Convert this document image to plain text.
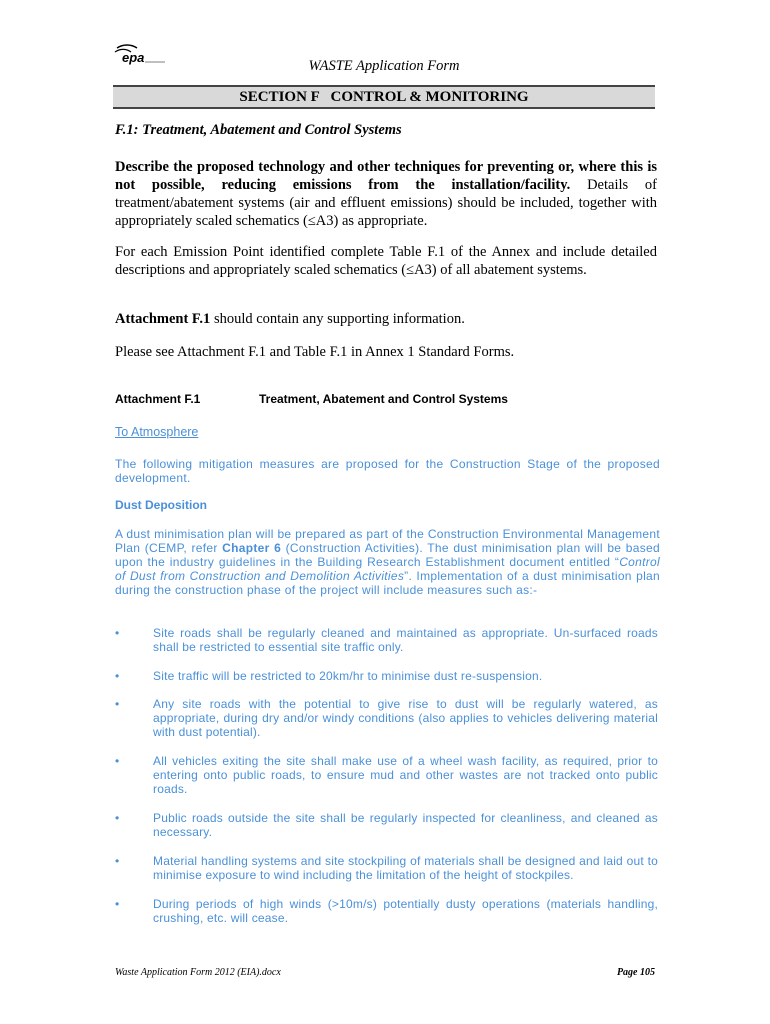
epa
WASTE Application Form
SECTION F   CONTROL & MONITORING
F.1: Treatment, Abatement and Control Systems
Describe the proposed technology and other techniques for preventing or, where this is not possible, reducing emissions from the installation/facility. Details of treatment/abatement systems (air and effluent emissions) should be included, together with appropriately scaled schematics (≤A3) as appropriate.
For each Emission Point identified complete Table F.1 of the Annex and include detailed descriptions and appropriately scaled schematics (≤A3) of all abatement systems.
Attachment F.1 should contain any supporting information.
Please see Attachment F.1 and Table F.1 in Annex 1 Standard Forms.
Attachment F.1	Treatment, Abatement and Control Systems
To Atmosphere
The following mitigation measures are proposed for the Construction Stage of the proposed development.
Dust Deposition
A dust minimisation plan will be prepared as part of the Construction Environmental Management Plan (CEMP, refer Chapter 6 (Construction Activities). The dust minimisation plan will be based upon the industry guidelines in the Building Research Establishment document entitled “Control of Dust from Construction and Demolition Activities”. Implementation of a dust minimisation plan during the construction phase of the project will include measures such as:-
•	Site roads shall be regularly cleaned and maintained as appropriate. Un-surfaced roads shall be restricted to essential site traffic only.
•	Site traffic will be restricted to 20km/hr to minimise dust re-suspension.
•	Any site roads with the potential to give rise to dust will be regularly watered, as appropriate, during dry and/or windy conditions (also applies to vehicles delivering material with dust potential).
•	All vehicles exiting the site shall make use of a wheel wash facility, as required, prior to entering onto public roads, to ensure mud and other wastes are not tracked onto public roads.
•	Public roads outside the site shall be regularly inspected for cleanliness, and cleaned as necessary.
•	Material handling systems and site stockpiling of materials shall be designed and laid out to minimise exposure to wind including the limitation of the height of stockpiles.
•	During periods of high winds (>10m/s) potentially dusty operations (materials handling, crushing, etc. will cease.
Waste Application Form 2012 (EIA).docx	Page 105
